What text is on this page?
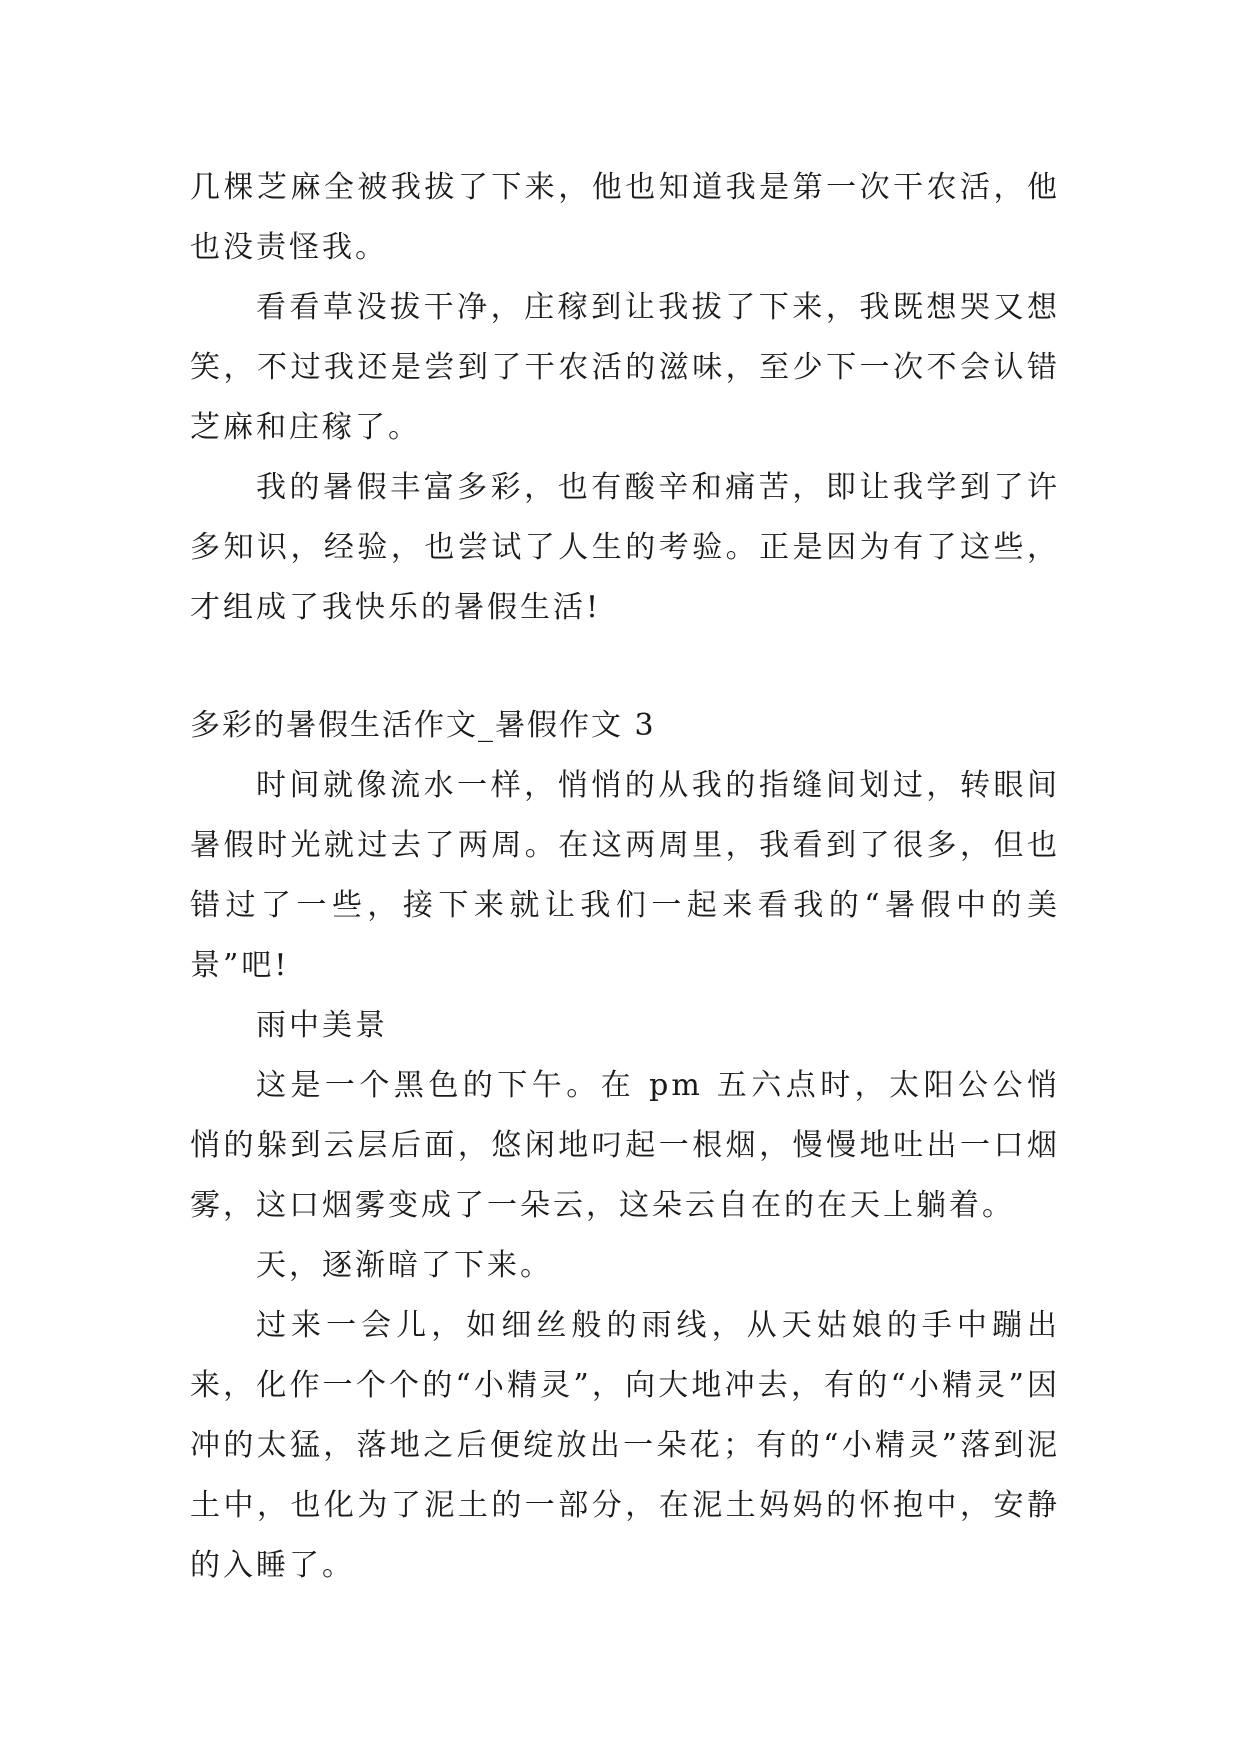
几棵芝麻全被我拔了下来，他也知道我是第一次干农活，他也没责怪我。

看看草没拔干净，庄稼到让我拔了下来，我既想哭又想笑，不过我还是尝到了干农活的滋味，至少下一次不会认错芝麻和庄稼了。

我的暑假丰富多彩，也有酸辛和痛苦，即让我学到了许多知识，经验，也尝试了人生的考验。正是因为有了这些，才组成了我快乐的暑假生活!

多彩的暑假生活作文_暑假作文 3

时间就像流水一样，悄悄的从我的指缝间划过，转眼间暑假时光就过去了两周。在这两周里，我看到了很多，但也错过了一些，接下来就让我们一起来看我的“暑假中的美景”吧!

雨中美景

这是一个黑色的下午。在 pm 五六点时，太阳公公悄悄的躲到云层后面，悠闲地叼起一根烟，慢慢地吐出一口烟雾，这口烟雾变成了一朵云，这朵云自在的在天上躺着。

天，逐渐暗了下来。

过来一会儿，如细丝般的雨线，从天姑娘的手中蹦出来，化作一个个的“小精灵”，向大地冲去，有的“小精灵”因冲的太猛，落地之后便绽放出一朵花；有的“小精灵”落到泥土中，也化为了泥土的一部分，在泥土妈妈的怀抱中，安静的入睡了。
